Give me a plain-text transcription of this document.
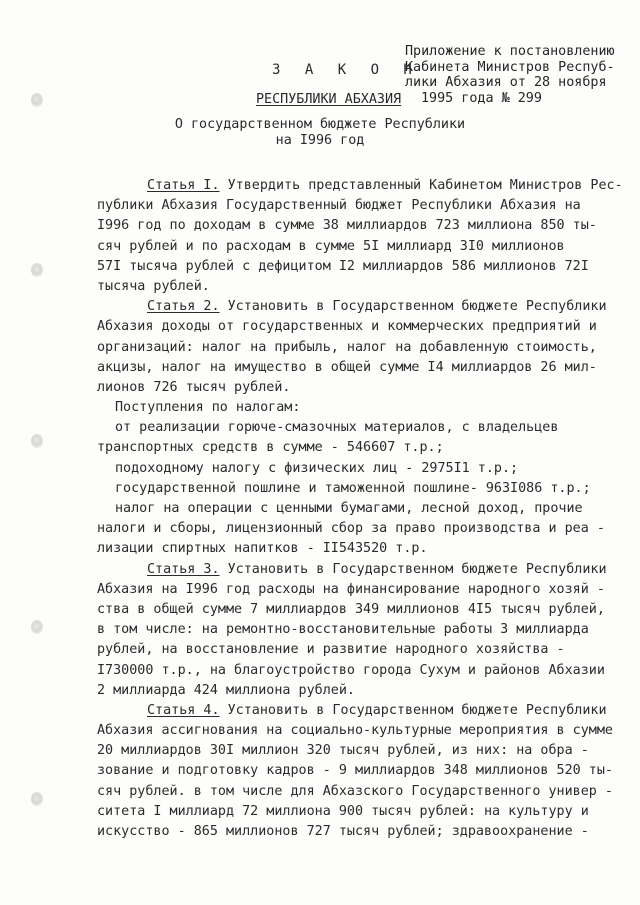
Приложение к постановлению
Кабинета Министров Респуб-
лики Абхазия от 28 ноября
1995 года № 299
З А К О Н
РЕСПУБЛИКИ АБХАЗИЯ
О государственном бюджете Республики
на I996 год
Статья I. Утвердить представленный Кабинетом Министров Рес-
публики Абхазия Государственный бюджет Республики Абхазия на
I996 год по доходам в сумме 38 миллиардов 723 миллиона 850 ты-
сяч рублей и по расходам в сумме 5I миллиард 3I0 миллионов
57I тысяча рублей с дефицитом I2 миллиардов 586 миллионов 72I
тысяча рублей.
Статья 2. Установить в Государственном бюджете Республики
Абхазия доходы от государственных и коммерческих предприятий и
организаций: налог на прибыль, налог на добавленную стоимость,
акцизы, налог на имущество в общей сумме I4 миллиардов 26 мил-
лионов 726 тысяч рублей.
Поступления по налогам:
от реализации горюче-смазочных материалов, с владельцев
транспортных средств в сумме - 546607 т.р.;
подоходному налогу с физических лиц - 2975I1 т.р.;
государственной пошлине и таможенной пошлине- 963I086 т.р.;
налог на операции с ценными бумагами, лесной доход, прочие
налоги и сборы, лицензионный сбор за право производства и реа -
лизации спиртных напитков - II543520 т.р.
Статья 3. Установить в Государственном бюджете Республики
Абхазия на I996 год расходы на финансирование народного хозяй -
ства в общей сумме 7 миллиардов 349 миллионов 4I5 тысяч рублей,
в том числе: на ремонтно-восстановительные работы 3 миллиарда
рублей, на восстановление и развитие народного хозяйства -
I730000 т.р., на благоустройство города Сухум и районов Абхазии
2 миллиарда 424 миллиона рублей.
Статья 4. Установить в Государственном бюджете Республики
Абхазия ассигнования на социально-культурные мероприятия в сумме
20 миллиардов 30I миллион 320 тысяч рублей, из них: на обра -
зование и подготовку кадров - 9 миллиардов 348 миллионов 520 ты-
сяч рублей. в том числе для Абхазского Государственного универ -
ситета I миллиард 72 миллиона 900 тысяч рублей: на культуру и
искусство - 865 миллионов 727 тысяч рублей; здравоохранение -
